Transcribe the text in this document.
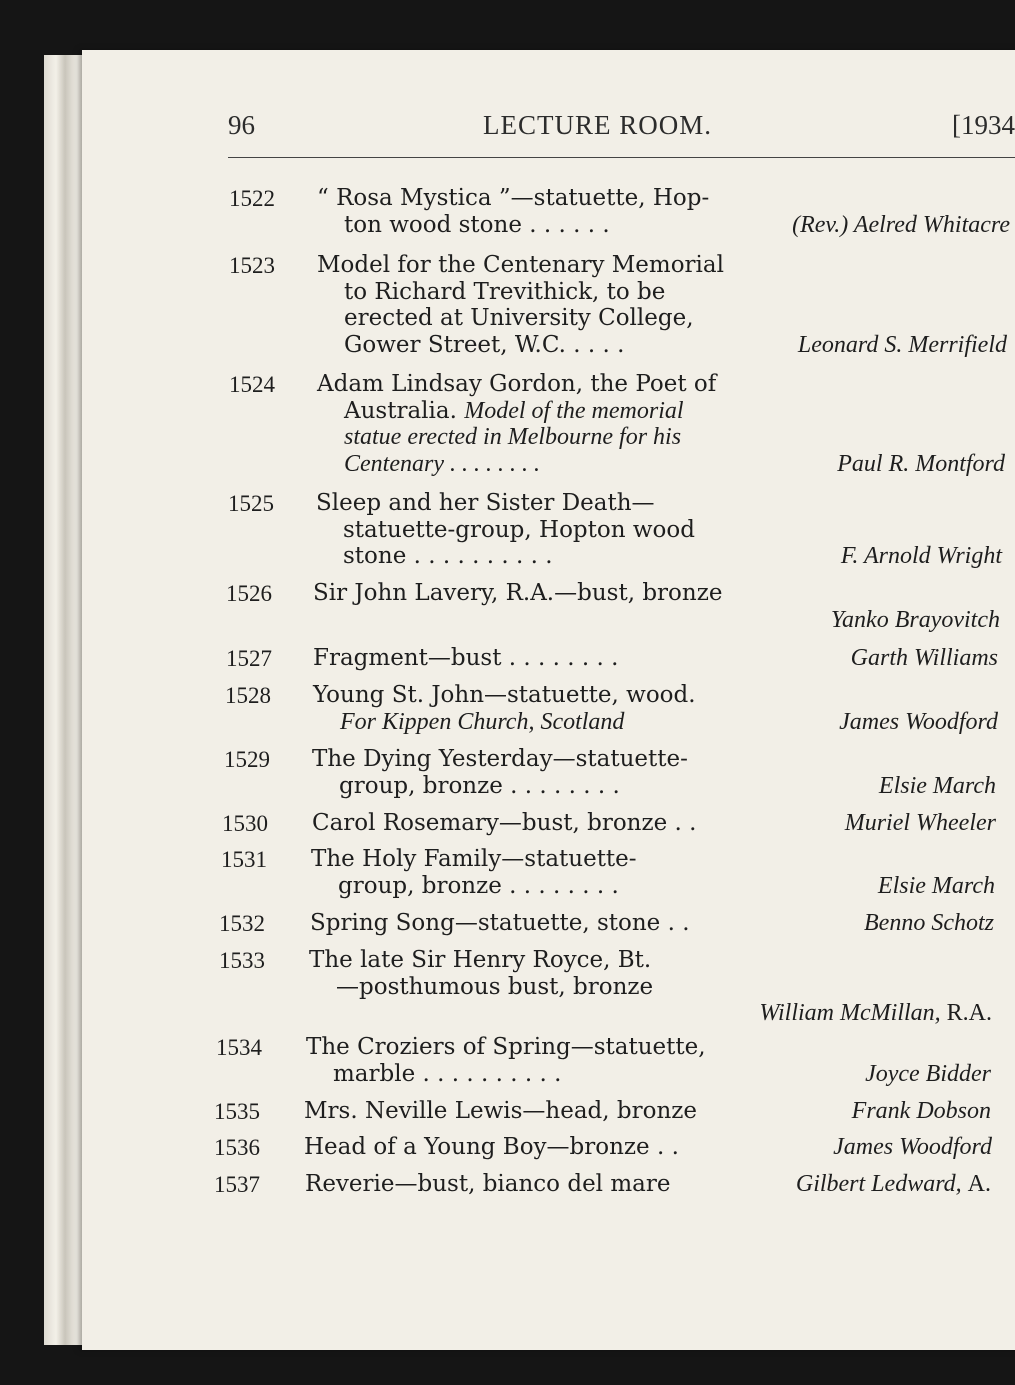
96	LECTURE ROOM.	[1934
1522 “ Rosa Mystica ”—statuette, Hop-
ton wood stone . . . . . .	(Rev.) Aelred Whitacre
1523 Model for the Centenary Memorial
to Richard Trevithick, to be
erected at University College,
Gower Street, W.C. . . . .	Leonard S. Merrifield
1524 Adam Lindsay Gordon, the Poet of
Australia. Model of the memorial
statue erected in Melbourne for his
Centenary . . . . . . . .	Paul R. Montford
1525 Sleep and her Sister Death—
statuette-group, Hopton wood
stone . . . . . . . . . .	F. Arnold Wright
1526 Sir John Lavery, R.A.—bust, bronze
Yanko Brayovitch
1527 Fragment—bust . . . . . . . .	Garth Williams
1528 Young St. John—statuette, wood.
For Kippen Church, Scotland	James Woodford
1529 The Dying Yesterday—statuette-
group, bronze . . . . . . . .	Elsie March
1530 Carol Rosemary—bust, bronze . .	Muriel Wheeler
1531 The Holy Family—statuette-
group, bronze . . . . . . . .	Elsie March
1532 Spring Song—statuette, stone . .	Benno Schotz
1533 The late Sir Henry Royce, Bt.
—posthumous bust, bronze
William McMillan, R.A.
1534 The Croziers of Spring—statuette,
marble . . . . . . . . . .	Joyce Bidder
1535 Mrs. Neville Lewis—head, bronze	Frank Dobson
1536 Head of a Young Boy—bronze . .	James Woodford
1537 Reverie—bust, bianco del mare	Gilbert Ledward, A.
